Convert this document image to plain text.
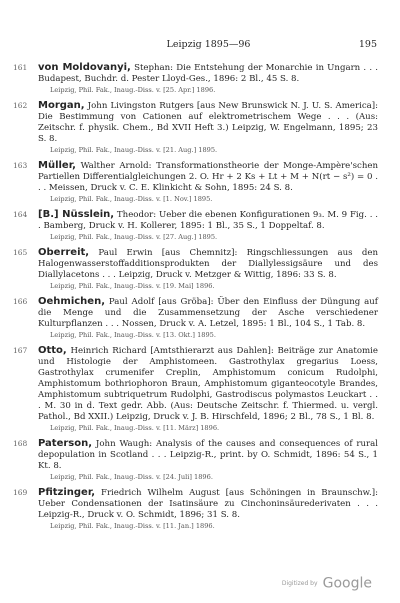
Leipzig 1895—96	195
161 von Moldovanyi, Stephan: Die Entstehung der Monarchie in Ungarn . . . Budapest, Buchdr. d. Pester Lloyd-Ges., 1896: 2 Bl., 45 S. 8.
Leipzig, Phil. Fak., Inaug.-Diss. v. [25. Apr.] 1896.
162 Morgan, John Livingston Rutgers [aus New Brunswick N. J. U. S. America]: Die Bestimmung von Cationen auf elektrometrischem Wege . . . (Aus: Zeitschr. f. physik. Chem., Bd XVII Heft 3.) Leipzig, W. Engelmann, 1895; 23 S. 8.
Leipzig, Phil. Fak., Inaug.-Diss. v. [21. Aug.] 1895.
163 Müller, Walther Arnold: Transformationstheorie der Monge-Ampère'schen Partiellen Differentialgleichungen 2. O. Hr + 2 Ks + Lt + M + N(rt − s²) = 0 . . . Meissen, Druck v. C. E. Klinkicht & Sohn, 1895: 24 S. 8.
Leipzig, Phil. Fak., Inaug.-Diss. v. [1. Nov.] 1895.
164 [B.] Nüsslein, Theodor: Ueber die ebenen Konfigurationen 9₃. M. 9 Fig. . . . Bamberg, Druck v. H. Kollerer, 1895: 1 Bl., 35 S., 1 Doppeltaf. 8.
Leipzig, Phil. Fak., Inaug.-Diss. v. [27. Aug.] 1895.
165 Oberreit, Paul Erwin [aus Chemnitz]: Ringschliessungen aus den Halogenwasserstoffadditionsprodukten der Diallylessigsäure und des Diallylacetons . . . Leipzig, Druck v. Metzger & Wittig, 1896: 33 S. 8.
Leipzig, Phil. Fak., Inaug.-Diss. v. [19. Mai] 1896.
166 Oehmichen, Paul Adolf [aus Gröba]: Über den Einfluss der Düngung auf die Menge und die Zusammensetzung der Asche verschiedener Kulturpflanzen . . . Nossen, Druck v. A. Letzel, 1895: 1 Bl., 104 S., 1 Tab. 8.
Leipzig, Phil. Fak., Inaug.-Diss. v. [13. Okt.] 1895.
167 Otto, Heinrich Richard [Amtsthierarzt aus Dahlen]: Beiträge zur Anatomie und Histologie der Amphistomeen. Gastrothylax gregarius Loess, Gastrothylax crumenifer Creplin, Amphistomum conicum Rudolphi, Amphistomum bothriophoron Braun, Amphistomum giganteocotyle Brandes, Amphistomum subtriquetrum Rudolphi, Gastrodiscus polymastos Leuckart . . . M. 30 in d. Text gedr. Abb. (Aus: Deutsche Zeitschr. f. Thiermed. u. vergl. Pathol., Bd XXII.) Leipzig, Druck v. J. B. Hirschfeld, 1896; 2 Bl., 78 S., 1 Bl. 8.
Leipzig, Phil. Fak., Inaug.-Diss. v. [11. März] 1896.
168 Paterson, John Waugh: Analysis of the causes and consequences of rural depopulation in Scotland . . . Leipzig-R., print. by O. Schmidt, 1896: 54 S., 1 Kt. 8.
Leipzig, Phil. Fak., Inaug.-Diss. v. [24. Juli] 1896.
169 Pfitzinger, Friedrich Wilhelm August [aus Schöningen in Braunschw.]: Ueber Condensationen der Isatinsäure zu Cinchoninsäurederivaten . . . Leipzig-R., Druck v. O. Schmidt, 1896; 31 S. 8.
Leipzig, Phil. Fak., Inaug.-Diss. v. [11. Jan.] 1896.
Digitized by Google
